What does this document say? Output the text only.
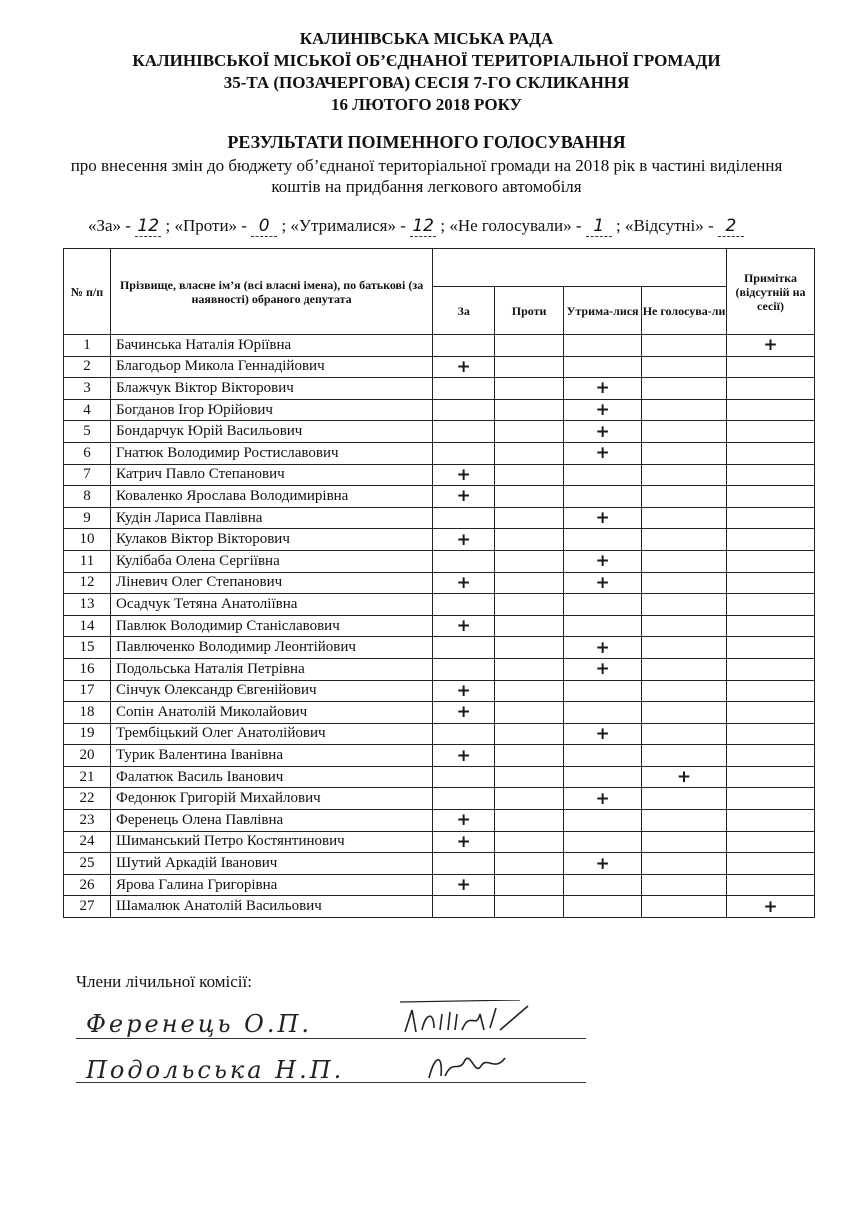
КАЛИНІВСЬКА МІСЬКА РАДА
КАЛИНІВСЬКОЇ МІСЬКОЇ ОБ’ЄДНАНОЇ ТЕРИТОРІАЛЬНОЇ ГРОМАДИ
35-ТА (ПОЗАЧЕРГОВА) СЕСІЯ 7-ГО СКЛИКАННЯ
16 ЛЮТОГО 2018 РОКУ
РЕЗУЛЬТАТИ ПОІМЕННОГО ГОЛОСУВАННЯ
про внесення змін до бюджету об’єднаної територіальної громади на 2018 рік в частині виділення коштів на придбання легкового автомобіля
«За» - 12 ; «Проти» - 0 ; «Утрималися» - 12 ; «Не голосували» - 1 ; «Відсутні» - 2
№ п/п	Прізвище, власне ім’я (всі власні імена), по батькові (за наявності) обраного депутата					Примітка (відсутній на сесії)
		За	Проти	Утрима-лися	Не голосува-ли	
1	Бачинська Наталія Юріївна					+
2	Благодьор Микола Геннадійович	+				
3	Блажчук Віктор Вікторович			+		
4	Богданов Ігор Юрійович			+		
5	Бондарчук Юрій Васильович			+		
6	Гнатюк Володимир Ростиславович			+		
7	Катрич Павло Степанович	+				
8	Коваленко Ярослава Володимирівна	+				
9	Кудін Лариса Павлівна			+		
10	Кулаков Віктор Вікторович	+				
11	Кулібаба Олена Сергіївна			+		
12	Лінeвич Олег Степанович	+		+		
13	Осадчук Тетяна Анатоліївна					
14	Павлюк Володимир Станіславович	+				
15	Павлюченко Володимир Леонтійович			+		
16	Подольська Наталія Петрівна			+		
17	Сінчук Олександр Євгенійович	+				
18	Сопін Анатолій Миколайович	+				
19	Трембіцький Олег Анатолійович			+		
20	Турик Валентина Іванівна	+				
21	Фалатюк Василь Іванович				+	
22	Федонюк Григорій Михайлович			+		
23	Ференець Олена Павлівна	+				
24	Шиманський Петро Костянтинович	+				
25	Шутий Аркадій Іванович			+		
26	Ярова Галина Григорівна	+				
27	Шамалюк Анатолій Васильович					+
Члени лічильної комісії:
Ференець О.П.
Подольська Н.П.
